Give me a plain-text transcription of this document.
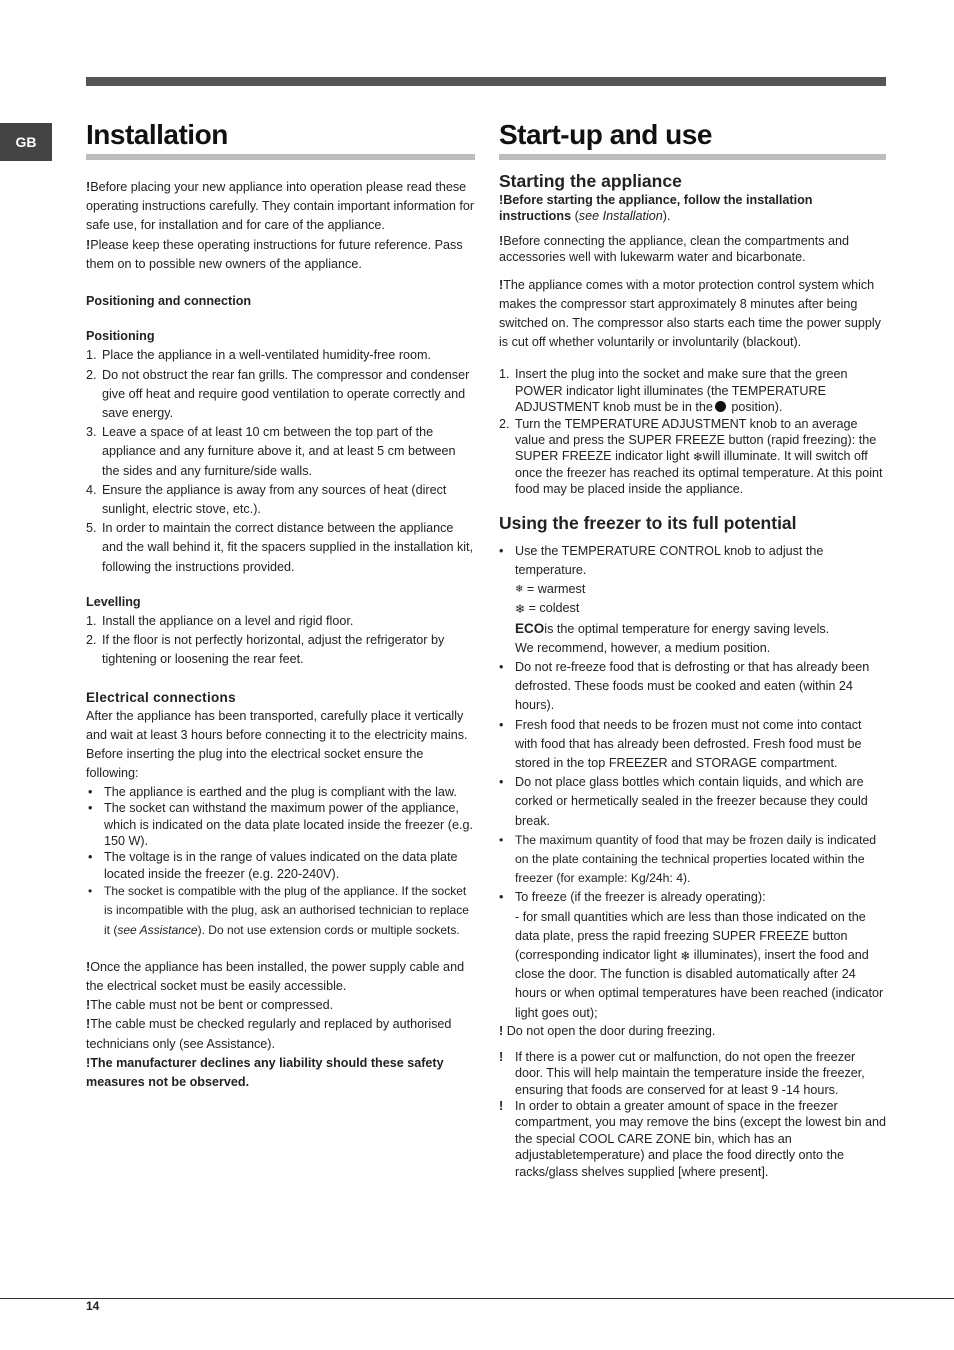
GB	Installation

!Before placing your new appliance into operation please read these operating instructions carefully. They contain important information for safe use, for installation and for care of the appliance.

!Please keep these operating instructions for future reference. Pass them on to possible new owners of the appliance.

Positioning and connection

Positioning

1. Place the appliance in a well-ventilated humidity-free room.
2. Do not obstruct the rear fan grills. The compressor and condenser give off heat and require good ventilation to operate correctly and save energy.
3. Leave a space of at least 10 cm between the top part of the appliance and any furniture above it, and at least 5 cm between the sides and any furniture/side walls.
4. Ensure the appliance is away from any sources of heat (direct sunlight, electric stove, etc.).
5. In order to maintain the correct distance between the appliance and the wall behind it, fit the spacers supplied in the installation kit, following the instructions provided.

Levelling

1. Install the appliance on a level and rigid floor.
2. If the floor is not perfectly horizontal, adjust the refrigerator by tightening or loosening the rear feet.

Electrical connections

After the appliance has been transported, carefully place it vertically and wait at least 3 hours before connecting it to the electricity mains. Before inserting the plug into the electrical socket ensure the following:

• The appliance is earthed and the plug is compliant with the law.
• The socket can withstand the maximum power of the appliance, which is indicated on the data plate located inside the freezer (e.g. 150 W).
• The voltage is in the range of values indicated on the data plate located inside the freezer (e.g. 220-240V).
• The socket is compatible with the plug of the appliance. If the socket is incompatible with the plug, ask an authorised technician to replace it (see Assistance). Do not use extension cords or multiple sockets.

!Once the appliance has been installed, the power supply cable and the electrical socket must be easily accessible.

!The cable must not be bent or compressed.

!The cable must be checked regularly and replaced by authorised technicians only (see Assistance).

!The manufacturer declines any liability should these safety measures not be observed.

Start-up and use
Starting the appliance

!Before starting the appliance, follow the installation instructions (see Installation).

!Before connecting the appliance, clean the compartments and accessories well with lukewarm water and bicarbonate.

!The appliance comes with a motor protection control system which makes the compressor start approximately 8 minutes after being switched on. The compressor also starts each time the power supply is cut off whether voluntarily or involuntarily (blackout).

1. Insert the plug into the socket and make sure that the green POWER indicator light illuminates (the TEMPERATURE ADJUSTMENT knob must be in the position).
2. Turn the TEMPERATURE ADJUSTMENT knob to an average value and press the SUPER FREEZE button (rapid freezing): the SUPER FREEZE indicator light ❄will illuminate. It will switch off once the freezer has reached its optimal temperature. At this point food may be placed inside the appliance.
Using the freezer to its full potential
• Use the TEMPERATURE CONTROL knob to adjust the temperature.
❄ = warmest
❄ = coldest
ECOis the optimal temperature for energy saving levels.
We recommend, however, a medium position.
• Do not re-freeze food that is defrosting or that has already been defrosted. These foods must be cooked and eaten (within 24 hours).
• Fresh food that needs to be frozen must not come into contact with food that has already been defrosted. Fresh food must be stored in the top FREEZER and STORAGE compartment.
• Do not place glass bottles which contain liquids, and which are corked or hermetically sealed in the freezer because they could break.
• The maximum quantity of food that may be frozen daily is indicated on the plate containing the technical properties located within the freezer (for example: Kg/24h: 4).
• To freeze (if the freezer is already operating):
- for small quantities which are less than those indicated on the data plate, press the rapid freezing SUPER FREEZE button (corresponding indicator light ❄ illuminates), insert the food and close the door. The function is disabled automatically after 24 hours or when optimal temperatures have been reached (indicator light goes out);

! Do not open the door during freezing.

! If there is a power cut or malfunction, do not open the freezer door. This will help maintain the temperature inside the freezer, ensuring that foods are conserved for at least 9 -14 hours.
! In order to obtain a greater amount of space in the freezer compartment, you may remove the bins (except the lowest bin and the special COOL CARE ZONE bin, which has an adjustabletemperature) and place the food directly onto the racks/glass shelves supplied [where present].
14
